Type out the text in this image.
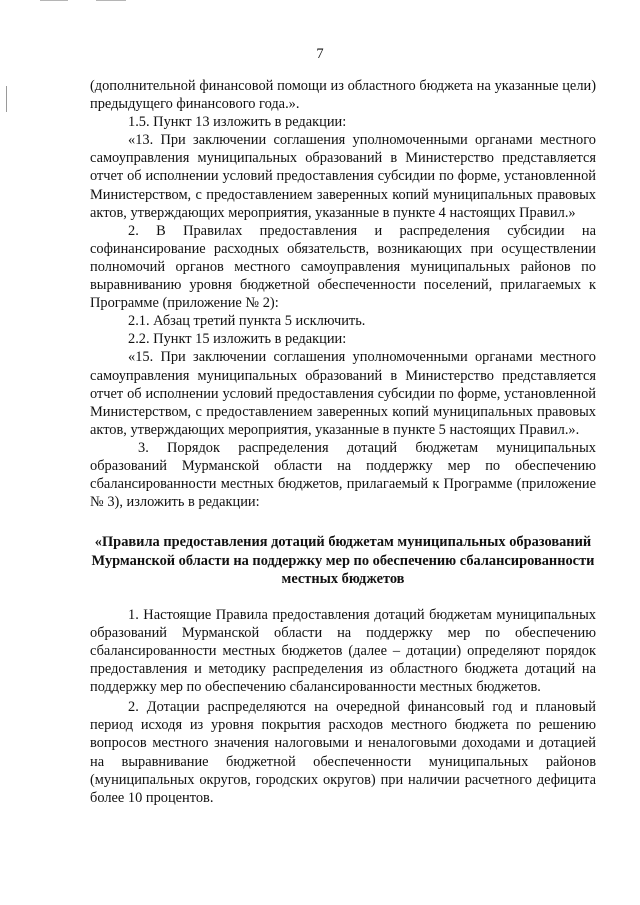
7

(дополнительной финансовой помощи из областного бюджета на указанные цели) предыдущего финансового года.».

1.5. Пункт 13 изложить в редакции:

«13. При заключении соглашения уполномоченными органами местного самоуправления муниципальных образований в Министерство представляется отчет об исполнении условий предоставления субсидии по форме, установленной Министерством, с предоставлением заверенных копий муниципальных правовых актов, утверждающих мероприятия, указанные в пункте 4 настоящих Правил.»

2. В Правилах предоставления и распределения субсидии на софинансирование расходных обязательств, возникающих при осуществлении полномочий органов местного самоуправления муниципальных районов по выравниванию уровня бюджетной обеспеченности поселений, прилагаемых к Программе (приложение № 2):

2.1. Абзац третий пункта 5 исключить.

2.2. Пункт 15 изложить в редакции:

«15. При заключении соглашения уполномоченными органами местного самоуправления муниципальных образований в Министерство представляется отчет об исполнении условий предоставления субсидии по форме, установленной Министерством, с предоставлением заверенных копий муниципальных правовых актов, утверждающих мероприятия, указанные в пункте 5 настоящих Правил.».

3. Порядок распределения дотаций бюджетам муниципальных образований Мурманской области на поддержку мер по обеспечению сбалансированности местных бюджетов, прилагаемый к Программе (приложение № 3), изложить в редакции:

«Правила предоставления дотаций бюджетам муниципальных образований Мурманской области на поддержку мер по обеспечению сбалансированности местных бюджетов

1. Настоящие Правила предоставления дотаций бюджетам муниципальных образований Мурманской области на поддержку мер по обеспечению сбалансированности местных бюджетов (далее – дотации) определяют порядок предоставления и методику распределения из областного бюджета дотаций на поддержку мер по обеспечению сбалансированности местных бюджетов.

2. Дотации распределяются на очередной финансовый год и плановый период исходя из уровня покрытия расходов местного бюджета по решению вопросов местного значения налоговыми и неналоговыми доходами и дотацией на выравнивание бюджетной обеспеченности муниципальных районов (муниципальных округов, городских округов) при наличии расчетного дефицита более 10 процентов.
